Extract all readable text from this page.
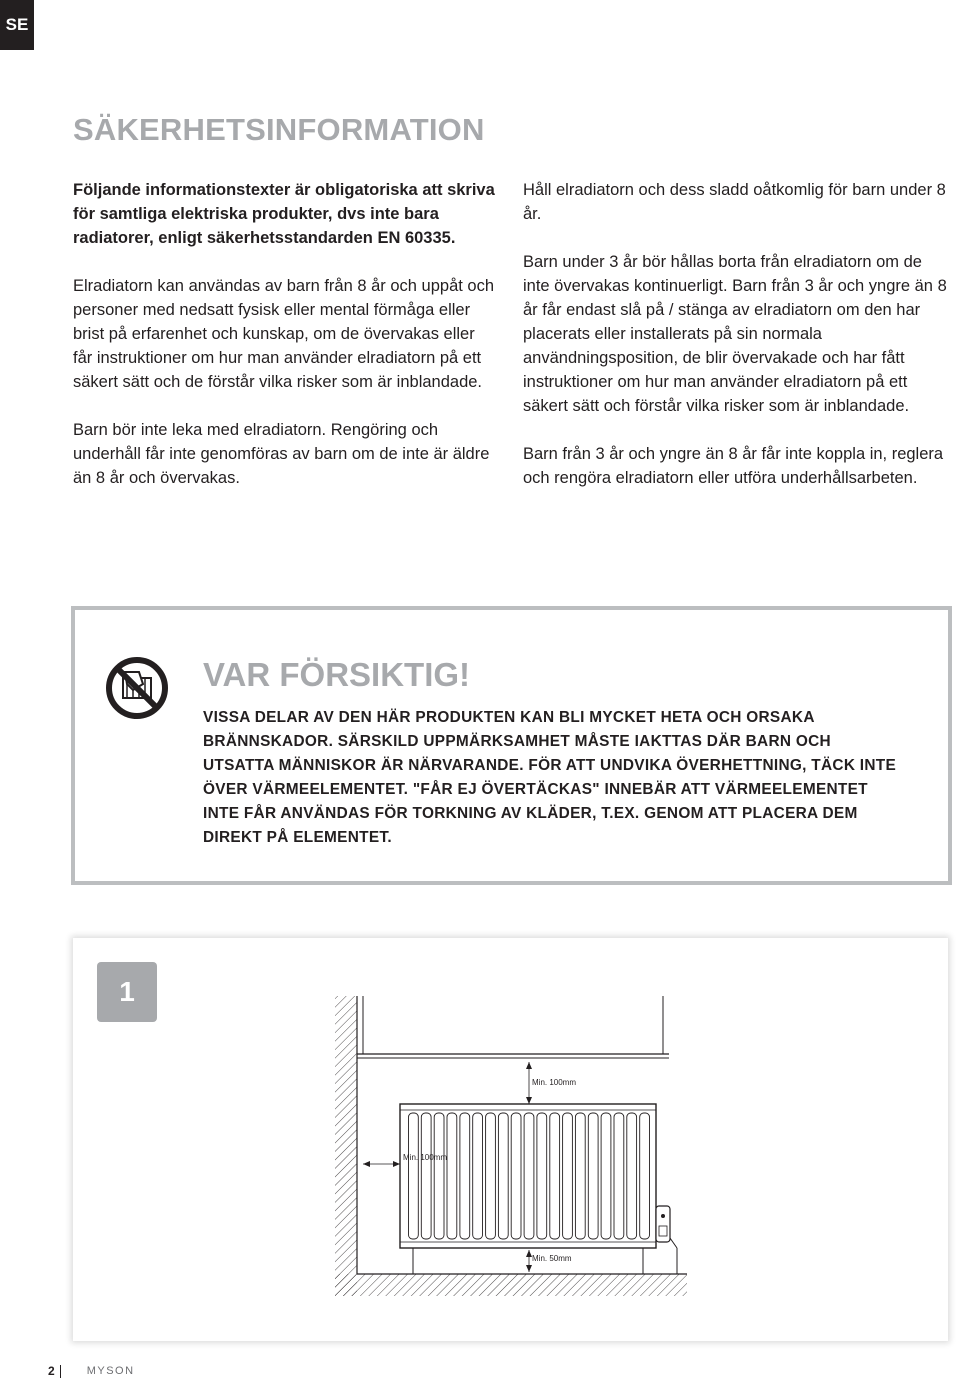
SE
SÄKERHETSINFORMATION

Följande informationstexter är obligatoriska att skriva för samtliga elektriska produkter, dvs inte bara radiatorer, enligt säkerhetsstandarden EN 60335.

Elradiatorn kan användas av barn från 8 år och uppåt och personer med nedsatt fysisk eller mental förmåga eller brist på erfarenhet och kunskap, om de övervakas eller får instruktioner om hur man använder elradiatorn på ett säkert sätt och de förstår vilka risker som är inblandade.

Barn bör inte leka med elradiatorn. Rengöring och underhåll får inte genomföras av barn om de inte är äldre än 8 år och övervakas.

Håll elradiatorn och dess sladd oåtkomlig för barn under 8 år.

Barn under 3 år bör hållas borta från elradiatorn om de inte övervakas kontinuerligt. Barn från 3 år och yngre än 8 år får endast slå på / stänga av elradiatorn om den har placerats eller installerats på sin normala användningsposition, de blir övervakade och har fått instruktioner om hur man använder elradiatorn på ett säkert sätt och förstår vilka risker som är inblandade.

Barn från 3 år och yngre än 8 år får inte koppla in, reglera och rengöra elradiatorn eller utföra underhållsarbeten.

VAR FÖRSIKTIG!
VISSA DELAR AV DEN HÄR PRODUKTEN KAN BLI MYCKET HETA OCH ORSAKA BRÄNNSKADOR. SÄRSKILD UPPMÄRKSAMHET MÅSTE IAKTTAS DÄR BARN OCH UTSATTA MÄNNISKOR ÄR NÄRVARANDE. FÖR ATT UNDVIKA ÖVERHETTNING, TÄCK INTE ÖVER VÄRMEELEMENTET. "FÅR EJ ÖVERTÄCKAS" INNEBÄR ATT VÄRMEELEMENTET INTE FÅR ANVÄNDAS FÖR TORKNING AV KLÄDER, T.EX. GENOM ATT PLACERA DEM DIREKT PÅ ELEMENTET.
Min. 100mm
Min. 100mm
Min. 50mm
1
2	MYSON
